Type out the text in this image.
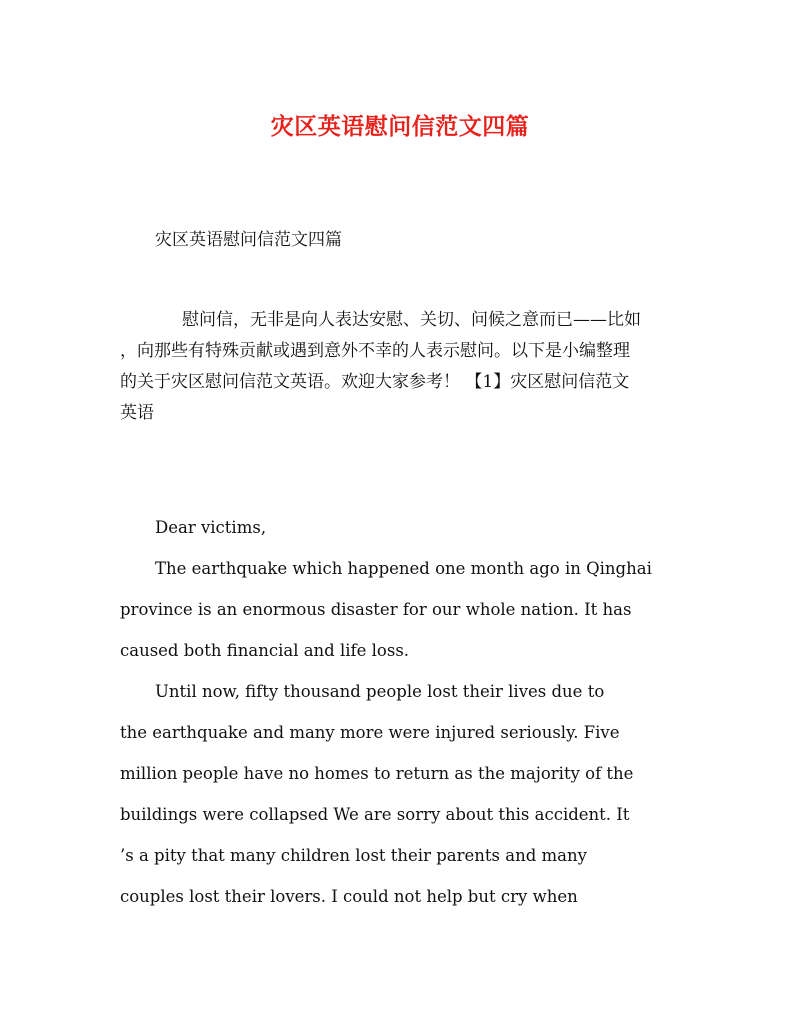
灾区英语慰问信范文四篇
灾区英语慰问信范文四篇
慰问信，无非是向人表达安慰、关切、问候之意而已——比如
，向那些有特殊贡献或遇到意外不幸的人表示慰问。以下是小编整理
的关于灾区慰问信范文英语。欢迎大家参考！ 【1】灾区慰问信范文
英语
Dear victims,
The earthquake which happened one month ago in Qinghai
province is an enormous disaster for our whole nation. It has
caused both financial and life loss.
Until now, fifty thousand people lost their lives due to
the earthquake and many more were injured seriously. Five
million people have no homes to return as the majority of the
buildings were collapsed We are sorry about this accident. It
’s a pity that many children lost their parents and many
couples lost their lovers. I could not help but cry when
